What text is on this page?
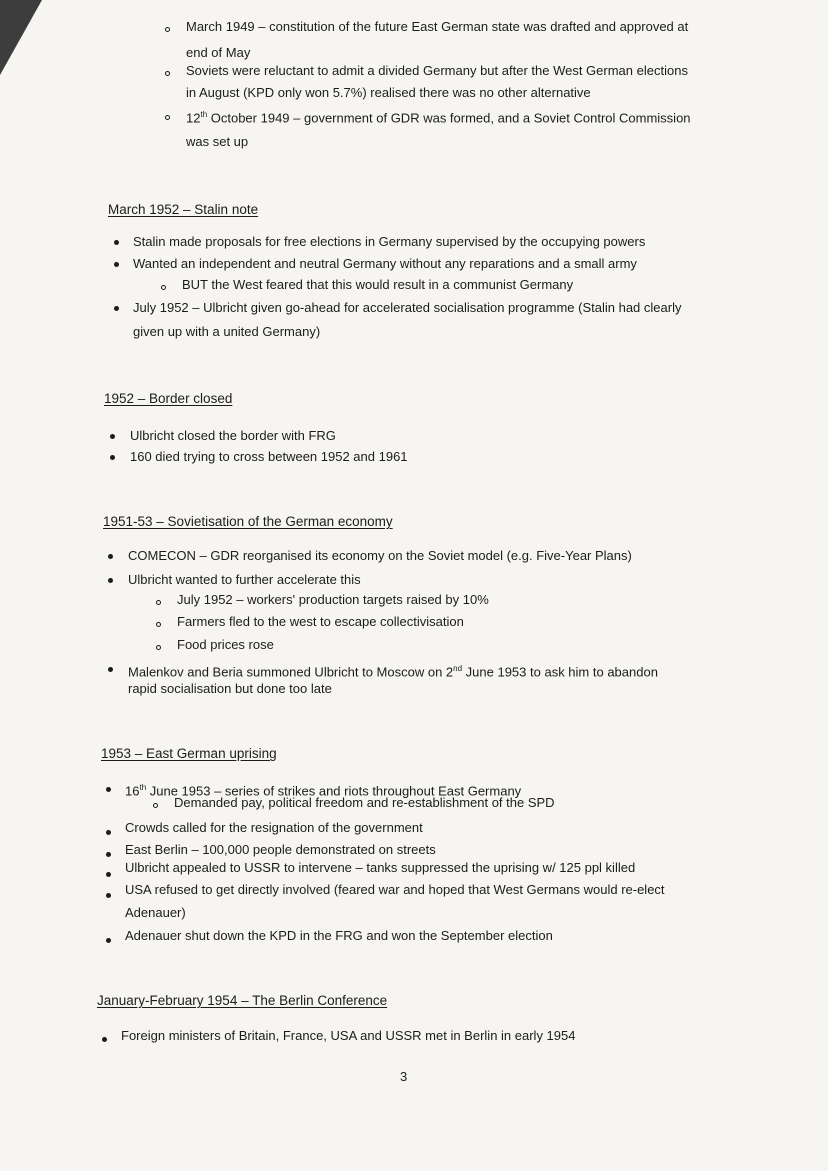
March 1949 – constitution of the future East German state was drafted and approved at
end of May
Soviets were reluctant to admit a divided Germany but after the West German elections
in August (KPD only won 5.7%) realised there was no other alternative
12th October 1949 – government of GDR was formed, and a Soviet Control Commission
was set up
March 1952 – Stalin note
Stalin made proposals for free elections in Germany supervised by the occupying powers
Wanted an independent and neutral Germany without any reparations and a small army
BUT the West feared that this would result in a communist Germany
July 1952 – Ulbricht given go-ahead for accelerated socialisation programme (Stalin had clearly
given up with a united Germany)
1952 – Border closed
Ulbricht closed the border with FRG
160 died trying to cross between 1952 and 1961
1951-53 – Sovietisation of the German economy
COMECON – GDR reorganised its economy on the Soviet model (e.g. Five-Year Plans)
Ulbricht wanted to further accelerate this
July 1952 – workers' production targets raised by 10%
Farmers fled to the west to escape collectivisation
Food prices rose
Malenkov and Beria summoned Ulbricht to Moscow on 2nd June 1953 to ask him to abandon
rapid socialisation but done too late
1953 – East German uprising
16th June 1953 – series of strikes and riots throughout East Germany
Demanded pay, political freedom and re-establishment of the SPD
Crowds called for the resignation of the government
East Berlin – 100,000 people demonstrated on streets
Ulbricht appealed to USSR to intervene – tanks suppressed the uprising w/ 125 ppl killed
USA refused to get directly involved (feared war and hoped that West Germans would re-elect
Adenauer)
Adenauer shut down the KPD in the FRG and won the September election
January-February 1954 – The Berlin Conference
Foreign ministers of Britain, France, USA and USSR met in Berlin in early 1954
3
